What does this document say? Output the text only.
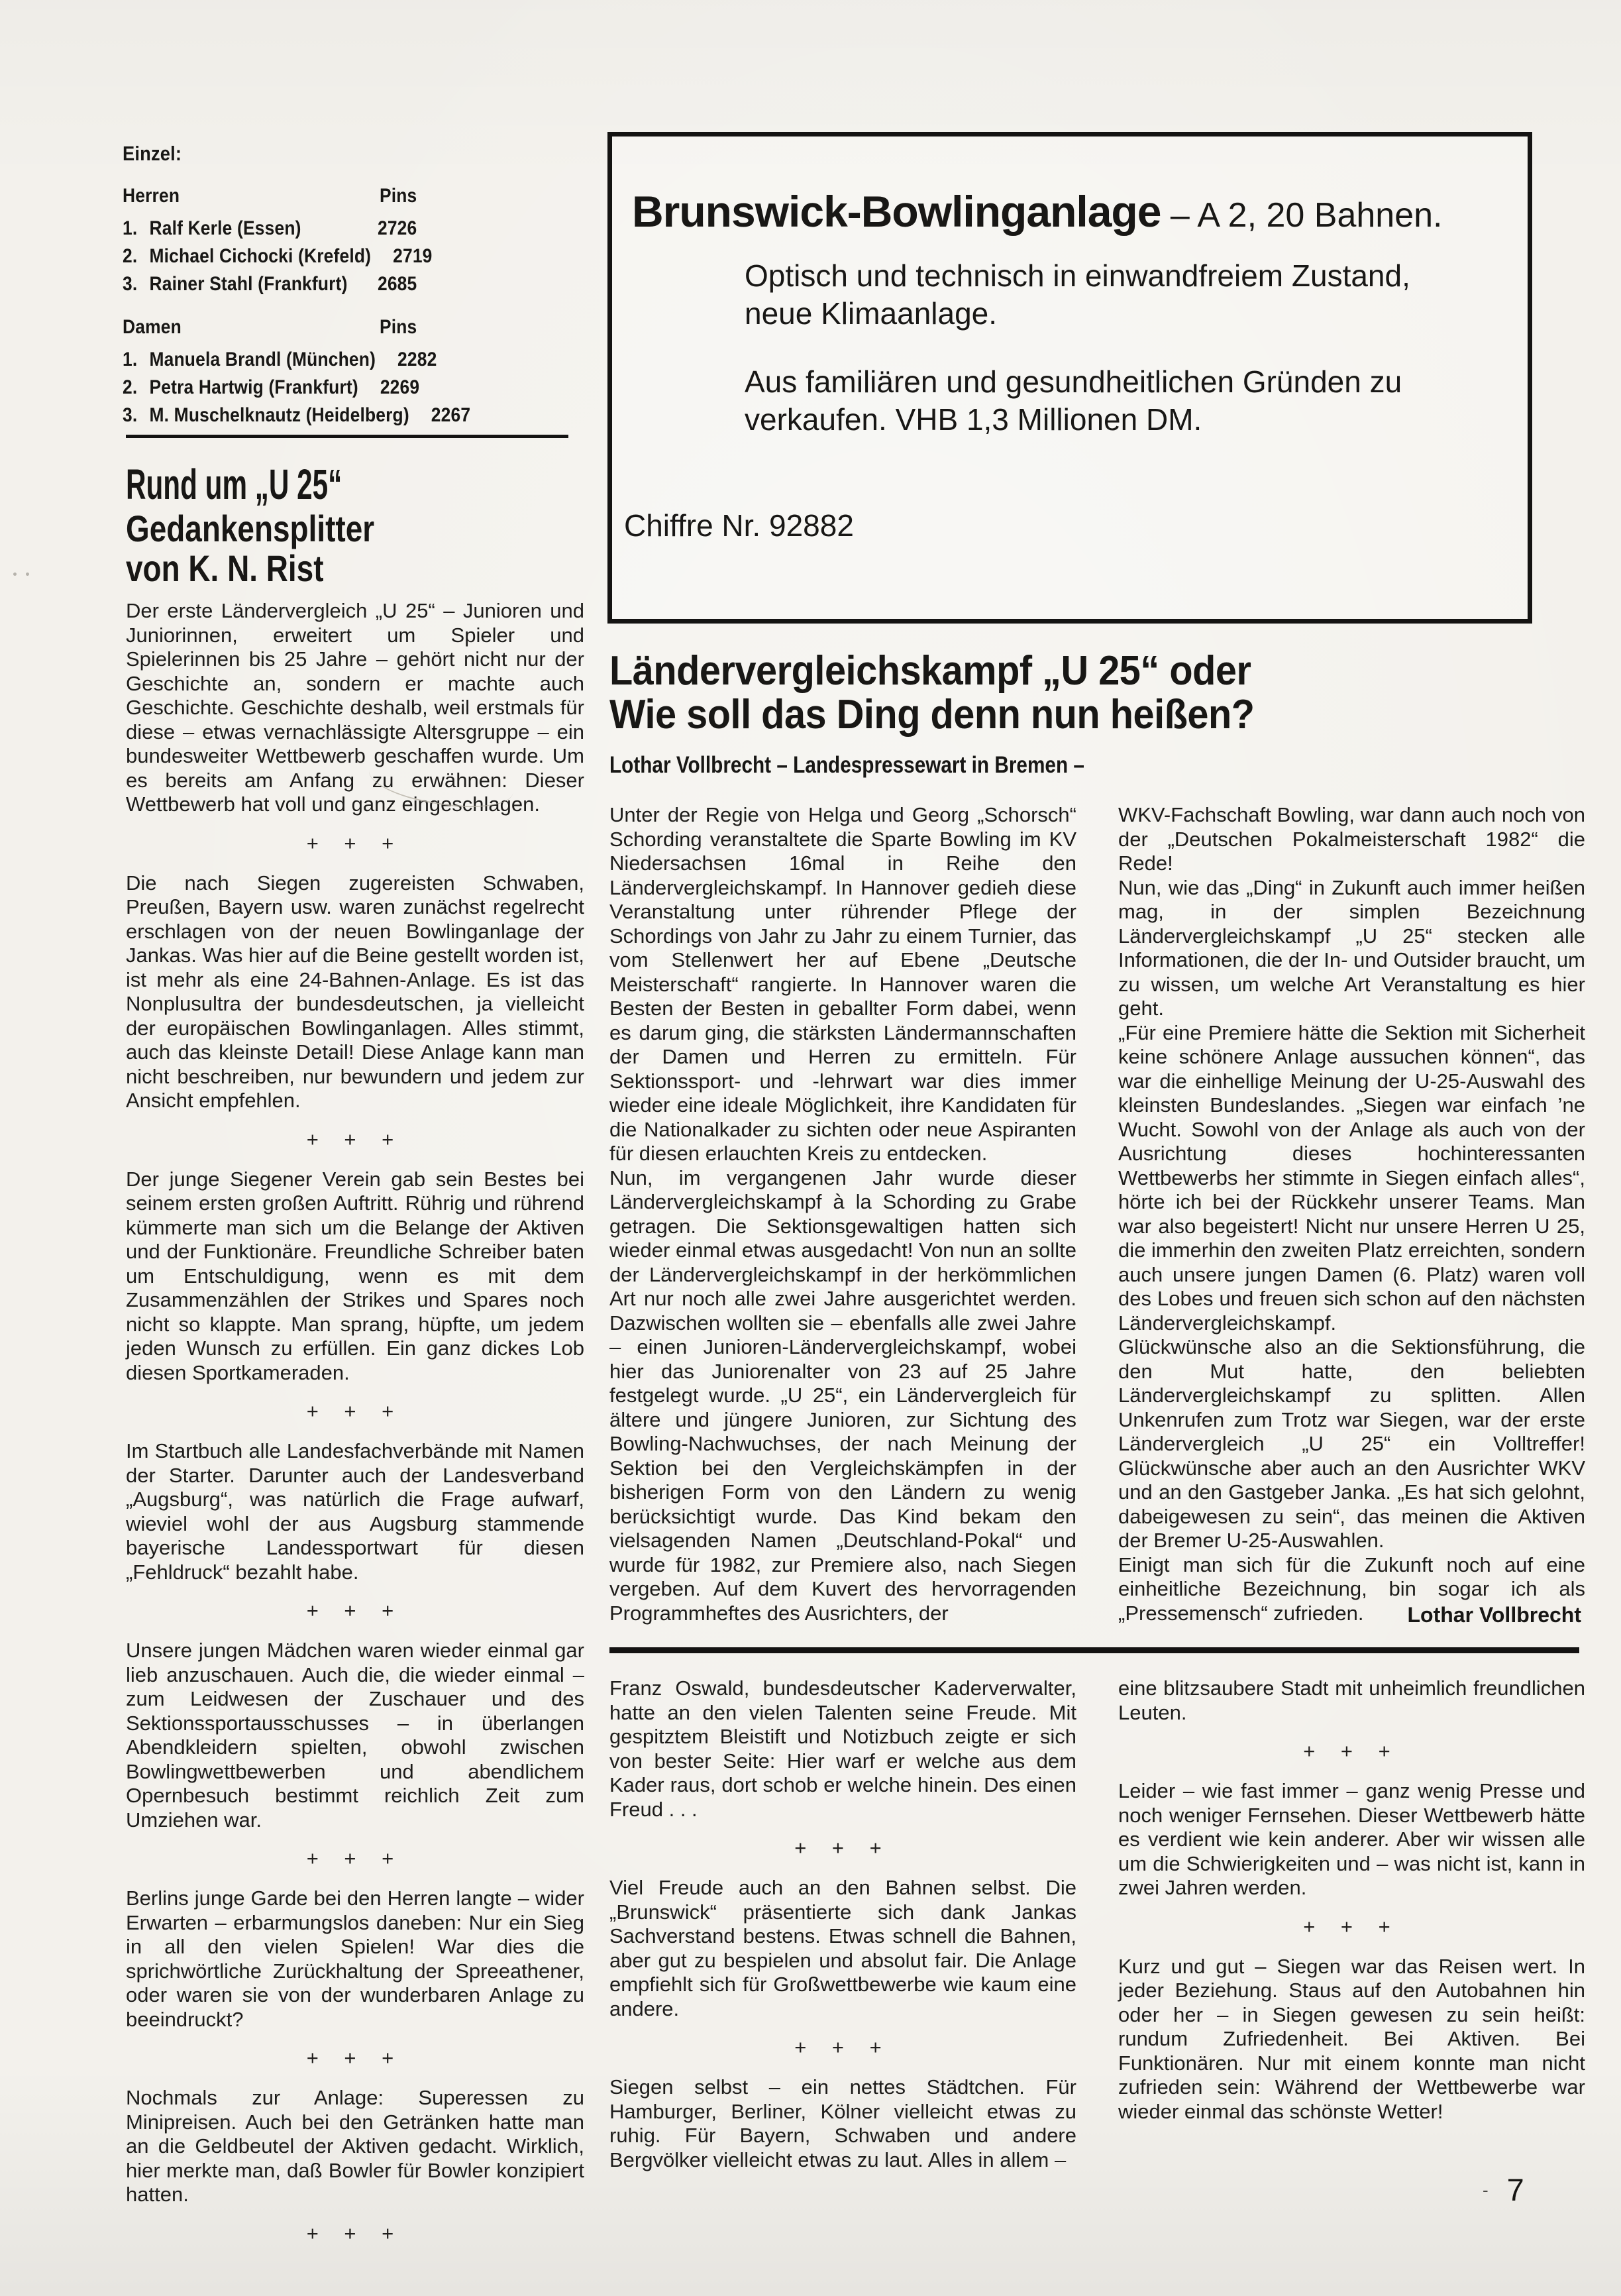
Einzel:
Herren	Pins
1. Ralf Kerle (Essen)	2726
2. Michael Cichocki (Krefeld)	2719
3. Rainer Stahl (Frankfurt)	2685
Damen	Pins
1. Manuela Brandl (München)	2282
2. Petra Hartwig (Frankfurt)	2269
3. M. Muschelknautz (Heidelberg)	2267
Brunswick-Bowlinganlage – A 2, 20 Bahnen.
Optisch und technisch in einwandfreiem Zustand,
neue Klimaanlage.
Aus familiären und gesundheitlichen Gründen zu
verkaufen. VHB 1,3 Millionen DM.
Chiffre Nr. 92882
Rund um „U 25“
Gedankensplitter
von K. N. Rist

Der erste Ländervergleich „U 25“ – Junioren und Juniorinnen, erweitert um Spieler und Spielerinnen bis 25 Jahre – gehört nicht nur der Geschichte an, sondern er machte auch Geschichte. Geschichte deshalb, weil erstmals für diese – etwas vernachlässigte Altersgruppe – ein bundesweiter Wettbewerb geschaffen wurde. Um es bereits am Anfang zu erwähnen: Dieser Wettbewerb hat voll und ganz eingeschlagen.

+ + +

Die nach Siegen zugereisten Schwaben, Preußen, Bayern usw. waren zunächst regelrecht erschlagen von der neuen Bowlinganlage der Jankas. Was hier auf die Beine gestellt worden ist, ist mehr als eine 24-Bahnen-Anlage. Es ist das Nonplusultra der bundesdeutschen, ja vielleicht der europäischen Bowlinganlagen. Alles stimmt, auch das kleinste Detail! Diese Anlage kann man nicht beschreiben, nur bewundern und jedem zur Ansicht empfehlen.

+ + +

Der junge Siegener Verein gab sein Bestes bei seinem ersten großen Auftritt. Rührig und rührend kümmerte man sich um die Belange der Aktiven und der Funktionäre. Freundliche Schreiber baten um Entschuldigung, wenn es mit dem Zusammenzählen der Strikes und Spares noch nicht so klappte. Man sprang, hüpfte, um jedem jeden Wunsch zu erfüllen. Ein ganz dickes Lob diesen Sportkameraden.

+ + +

Im Startbuch alle Landesfachverbände mit Namen der Starter. Darunter auch der Landesverband „Augsburg“, was natürlich die Frage aufwarf, wieviel wohl der aus Augsburg stammende bayerische Landessportwart für diesen „Fehldruck“ bezahlt habe.

+ + +

Unsere jungen Mädchen waren wieder einmal gar lieb anzuschauen. Auch die, die wieder einmal – zum Leidwesen der Zuschauer und des Sektionssportausschusses – in überlangen Abendkleidern spielten, obwohl zwischen Bowlingwettbewerben und abendlichem Opernbesuch bestimmt reichlich Zeit zum Umziehen war.

+ + +

Berlins junge Garde bei den Herren langte – wider Erwarten – erbarmungslos daneben: Nur ein Sieg in all den vielen Spielen! War dies die sprichwörtliche Zurückhaltung der Spreeathener, oder waren sie von der wunderbaren Anlage zu beeindruckt?

+ + +

Nochmals zur Anlage: Superessen zu Minipreisen. Auch bei den Getränken hatte man an die Geldbeutel der Aktiven gedacht. Wirklich, hier merkte man, daß Bowler für Bowler konzipiert hatten.

+ + +
Ländervergleichskampf „U 25“ oder
Wie soll das Ding denn nun heißen?
Lothar Vollbrecht – Landespressewart in Bremen –

Unter der Regie von Helga und Georg „Schorsch“ Schording veranstaltete die Sparte Bowling im KV Niedersachsen 16mal in Reihe den Ländervergleichskampf. In Hannover gedieh diese Veranstaltung unter rührender Pflege der Schordings von Jahr zu Jahr zu einem Turnier, das vom Stellenwert her auf Ebene „Deutsche Meisterschaft“ rangierte. In Hannover waren die Besten der Besten in geballter Form dabei, wenn es darum ging, die stärksten Ländermannschaften der Damen und Herren zu ermitteln. Für Sektionssport- und -lehrwart war dies immer wieder eine ideale Möglichkeit, ihre Kandidaten für die Nationalkader zu sichten oder neue Aspiranten für diesen erlauchten Kreis zu entdecken.

Nun, im vergangenen Jahr wurde dieser Ländervergleichskampf à la Schording zu Grabe getragen. Die Sektionsgewaltigen hatten sich wieder einmal etwas ausgedacht! Von nun an sollte der Ländervergleichskampf in der herkömmlichen Art nur noch alle zwei Jahre ausgerichtet werden. Dazwischen wollten sie – ebenfalls alle zwei Jahre – einen Junioren-Ländervergleichskampf, wobei hier das Juniorenalter von 23 auf 25 Jahre festgelegt wurde. „U 25“, ein Ländervergleich für ältere und jüngere Junioren, zur Sichtung des Bowling-Nachwuchses, der nach Meinung der Sektion bei den Vergleichskämpfen in der bisherigen Form von den Ländern zu wenig berücksichtigt wurde. Das Kind bekam den vielsagenden Namen „Deutschland-Pokal“ und wurde für 1982, zur Premiere also, nach Siegen vergeben. Auf dem Kuvert des hervorragenden Programmheftes des Ausrichters, der

WKV-Fachschaft Bowling, war dann auch noch von der „Deutschen Pokalmeisterschaft 1982“ die Rede!

Nun, wie das „Ding“ in Zukunft auch immer heißen mag, in der simplen Bezeichnung Ländervergleichskampf „U 25“ stecken alle Informationen, die der In- und Outsider braucht, um zu wissen, um welche Art Veranstaltung es hier geht.

„Für eine Premiere hätte die Sektion mit Sicherheit keine schönere Anlage aussuchen können“, das war die einhellige Meinung der U-25-Auswahl des kleinsten Bundeslandes. „Siegen war einfach ’ne Wucht. Sowohl von der Anlage als auch von der Ausrichtung dieses hochinteressanten Wettbewerbs her stimmte in Siegen einfach alles“, hörte ich bei der Rückkehr unserer Teams. Man war also begeistert! Nicht nur unsere Herren U 25, die immerhin den zweiten Platz erreichten, sondern auch unsere jungen Damen (6. Platz) waren voll des Lobes und freuen sich schon auf den nächsten Ländervergleichskampf.

Glückwünsche also an die Sektionsführung, die den Mut hatte, den beliebten Ländervergleichskampf zu splitten. Allen Unkenrufen zum Trotz war Siegen, war der erste Ländervergleich „U 25“ ein Volltreffer! Glückwünsche aber auch an den Ausrichter WKV und an den Gastgeber Janka. „Es hat sich gelohnt, dabeigewesen zu sein“, das meinen die Aktiven der Bremer U-25-Auswahlen.

Einigt man sich für die Zukunft noch auf eine einheitliche Bezeichnung, bin sogar ich als „Pressemensch“ zufrieden.	Lothar Vollbrecht

Franz Oswald, bundesdeutscher Kaderverwalter, hatte an den vielen Talenten seine Freude. Mit gespitztem Bleistift und Notizbuch zeigte er sich von bester Seite: Hier warf er welche aus dem Kader raus, dort schob er welche hinein. Des einen Freud . . .

+ + +

Viel Freude auch an den Bahnen selbst. Die „Brunswick“ präsentierte sich dank Jankas Sachverstand bestens. Etwas schnell die Bahnen, aber gut zu bespielen und absolut fair. Die Anlage empfiehlt sich für Großwettbewerbe wie kaum eine andere.

+ + +

Siegen selbst – ein nettes Städtchen. Für Hamburger, Berliner, Kölner vielleicht etwas zu ruhig. Für Bayern, Schwaben und andere Bergvölker vielleicht etwas zu laut. Alles in allem –

eine blitzsaubere Stadt mit unheimlich freundlichen Leuten.

+ + +

Leider – wie fast immer – ganz wenig Presse und noch weniger Fernsehen. Dieser Wettbewerb hätte es verdient wie kein anderer. Aber wir wissen alle um die Schwierigkeiten und – was nicht ist, kann in zwei Jahren werden.

+ + +

Kurz und gut – Siegen war das Reisen wert. In jeder Beziehung. Staus auf den Autobahnen hin oder her – in Siegen gewesen zu sein heißt: rundum Zufriedenheit. Bei Aktiven. Bei Funktionären. Nur mit einem konnte man nicht zufrieden sein: Während der Wettbewerbe war wieder einmal das schönste Wetter!

- 7
